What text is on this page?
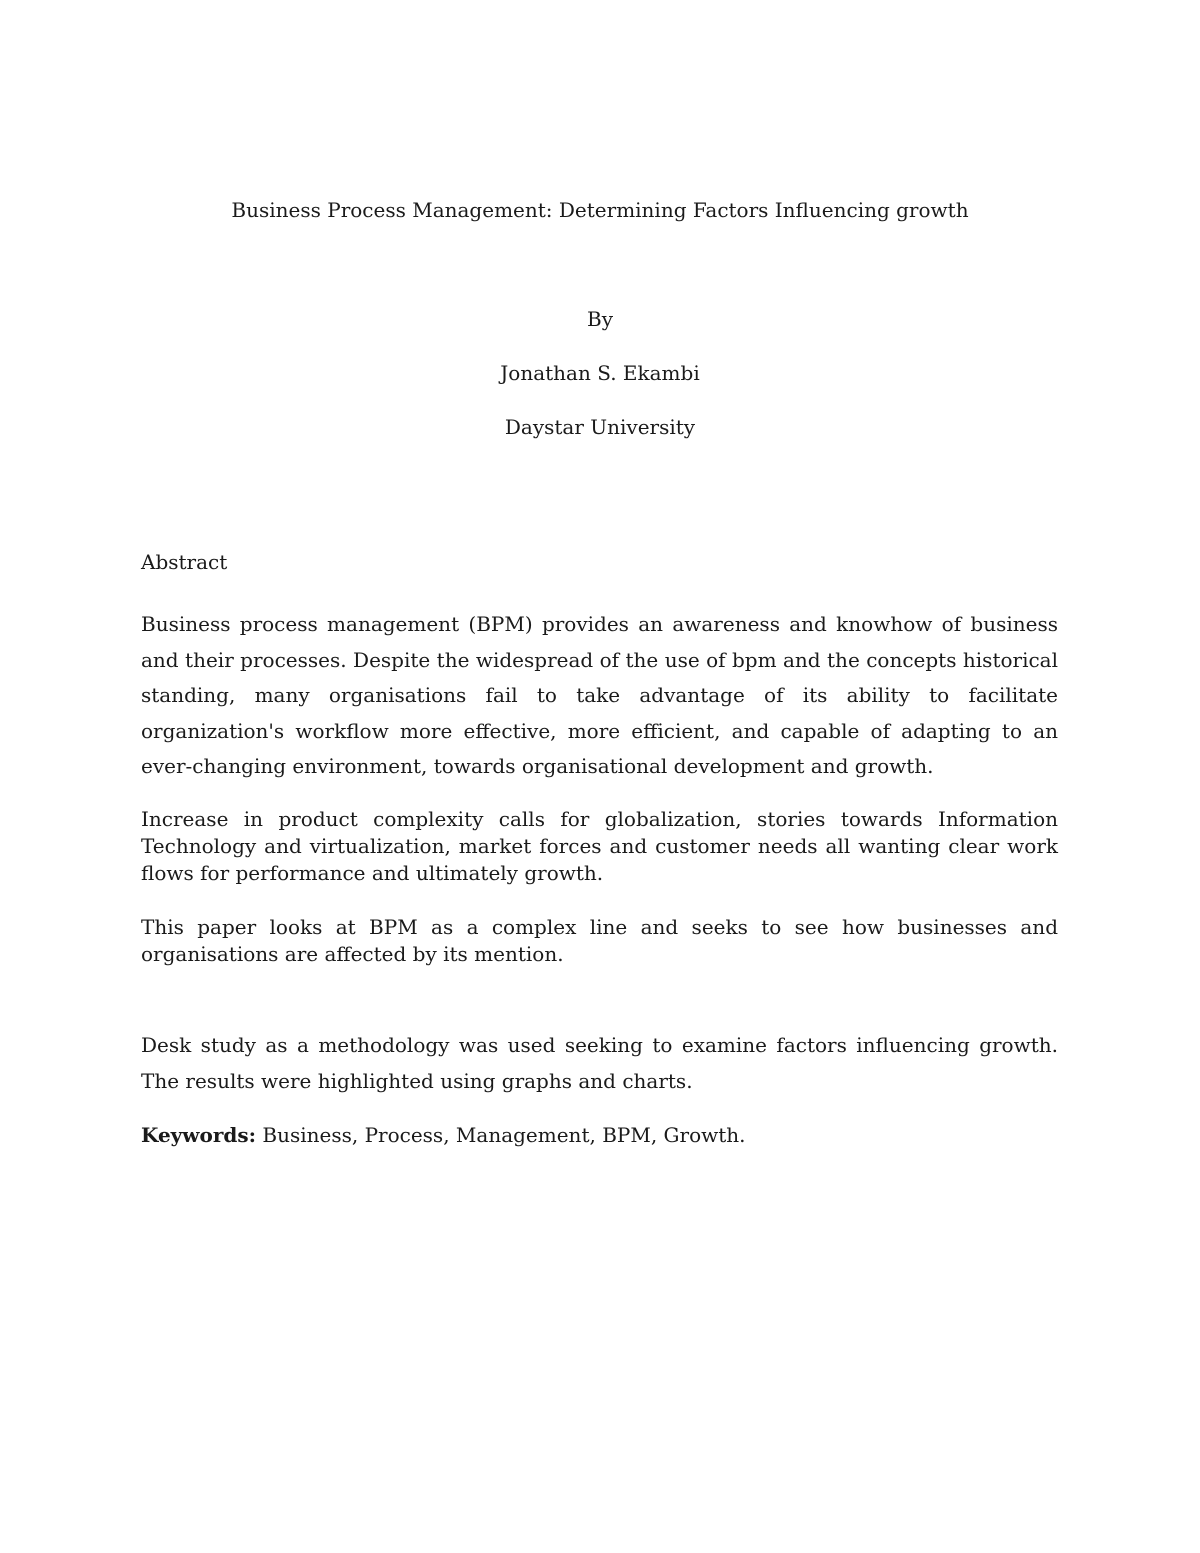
Business Process Management: Determining Factors Influencing growth
By
Jonathan S. Ekambi
Daystar University
Abstract

Business process management (BPM) provides an awareness and knowhow of business and their processes. Despite the widespread of the use of bpm and the concepts historical standing, many organisations fail to take advantage of its ability to facilitate organization's workflow more effective, more efficient, and capable of adapting to an ever-changing environment, towards organisational development and growth.

Increase in product complexity calls for globalization, stories towards Information Technology and virtualization, market forces and customer needs all wanting clear work flows for performance and ultimately growth.

This paper looks at BPM as a complex line and seeks to see how businesses and organisations are affected by its mention.

Desk study as a methodology was used seeking to examine factors influencing growth. The results were highlighted using graphs and charts.

Keywords: Business, Process, Management, BPM, Growth.
